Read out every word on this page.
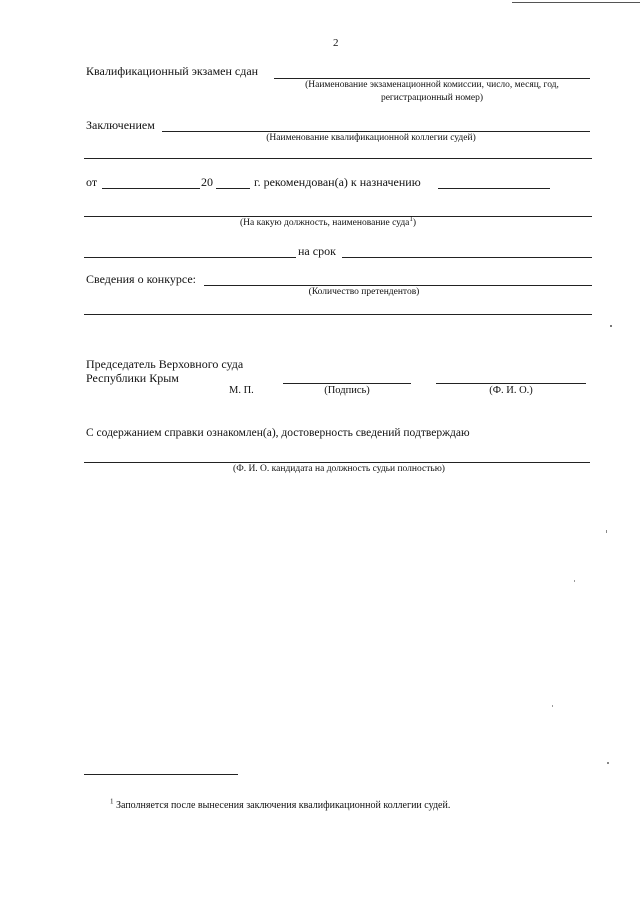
2
Квалификационный экзамен сдан
(Наименование экзаменационной комиссии, число, месяц, год,
регистрационный номер)
Заключением
(Наименование квалификационной коллегии судей)
от	20	г. рекомендован(а) к назначению
(На какую должность, наименование суда$^1$)
на срок
Сведения о конкурсе:
(Количество претендентов)
Председатель Верховного суда
Республики Крым
М. П.	(Подпись)	(Ф. И. О.)
С содержанием справки ознакомлен(а), достоверность сведений подтверждаю
(Ф. И. О. кандидата на должность судьи полностью)
$^1$ Заполняется после вынесения заключения квалификационной коллегии судей.
